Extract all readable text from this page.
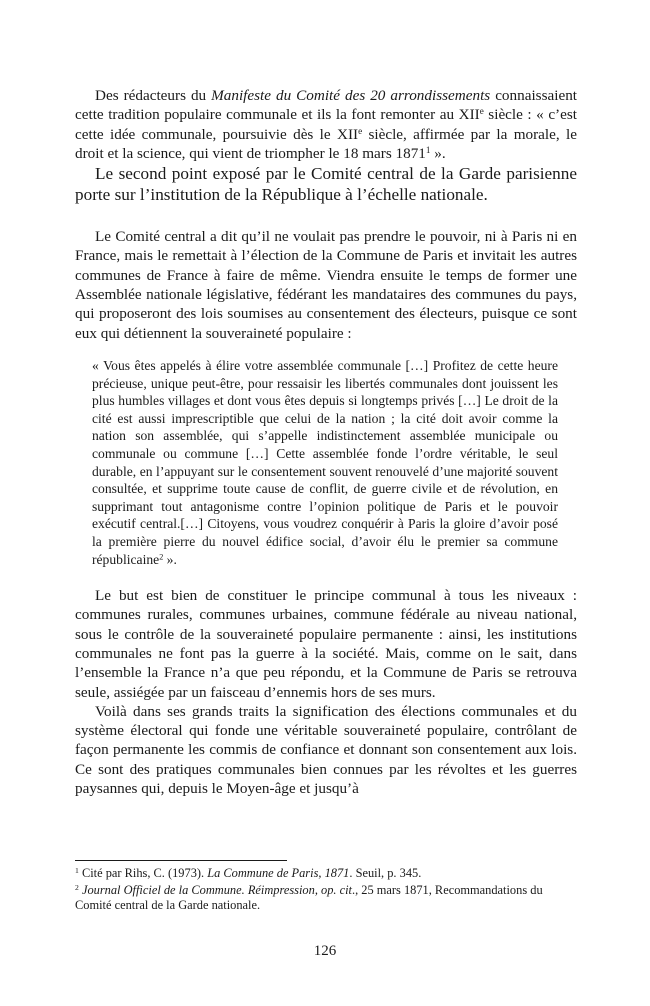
Des rédacteurs du Manifeste du Comité des 20 arrondissements connaissaient cette tradition populaire communale et ils la font remonter au XIIe siècle : « c’est cette idée communale, poursuivie dès le XIIe siècle, affirmée par la morale, le droit et la science, qui vient de triompher le 18 mars 1871$^1$ ».

Le second point exposé par le Comité central de la Garde parisienne porte sur l’institution de la République à l’échelle nationale.

Le Comité central a dit qu’il ne voulait pas prendre le pouvoir, ni à Paris ni en France, mais le remettait à l’élection de la Commune de Paris et invitait les autres communes de France à faire de même. Viendra ensuite le temps de former une Assemblée nationale législative, fédérant les mandataires des communes du pays, qui proposeront des lois soumises au consentement des électeurs, puisque ce sont eux qui détiennent la souveraineté populaire :

« Vous êtes appelés à élire votre assemblée communale […] Profitez de cette heure précieuse, unique peut-être, pour ressaisir les libertés communales dont jouissent les plus humbles villages et dont vous êtes depuis si longtemps privés […] Le droit de la cité est aussi imprescriptible que celui de la nation ; la cité doit avoir comme la nation son assemblée, qui s’appelle indistinctement assemblée municipale ou communale ou commune […] Cette assemblée fonde l’ordre véritable, le seul durable, en l’appuyant sur le consentement souvent renouvelé d’une majorité souvent consultée, et supprime toute cause de conflit, de guerre civile et de révolution, en supprimant tout antagonisme contre l’opinion politique de Paris et le pouvoir exécutif central.[…] Citoyens, vous voudrez conquérir à Paris la gloire d’avoir posé la première pierre du nouvel édifice social, d’avoir élu le premier sa commune républicaine$^2$ ».

Le but est bien de constituer le principe communal à tous les niveaux : communes rurales, communes urbaines, commune fédérale au niveau national, sous le contrôle de la souveraineté populaire permanente : ainsi, les institutions communales ne font pas la guerre à la société. Mais, comme on le sait, dans l’ensemble la France n’a que peu répondu, et la Commune de Paris se retrouva seule, assiégée par un faisceau d’ennemis hors de ses murs.

Voilà dans ses grands traits la signification des élections communales et du système électoral qui fonde une véritable souveraineté populaire, contrôlant de façon permanente les commis de confiance et donnant son consentement aux lois. Ce sont des pratiques communales bien connues par les révoltes et les guerres paysannes qui, depuis le Moyen-âge et jusqu’à

$^1$ Cité par Rihs, C. (1973). La Commune de Paris, 1871. Seuil, p. 345.
$^2$ Journal Officiel de la Commune. Réimpression, op. cit., 25 mars 1871, Recommandations du Comité central de la Garde nationale.
126
